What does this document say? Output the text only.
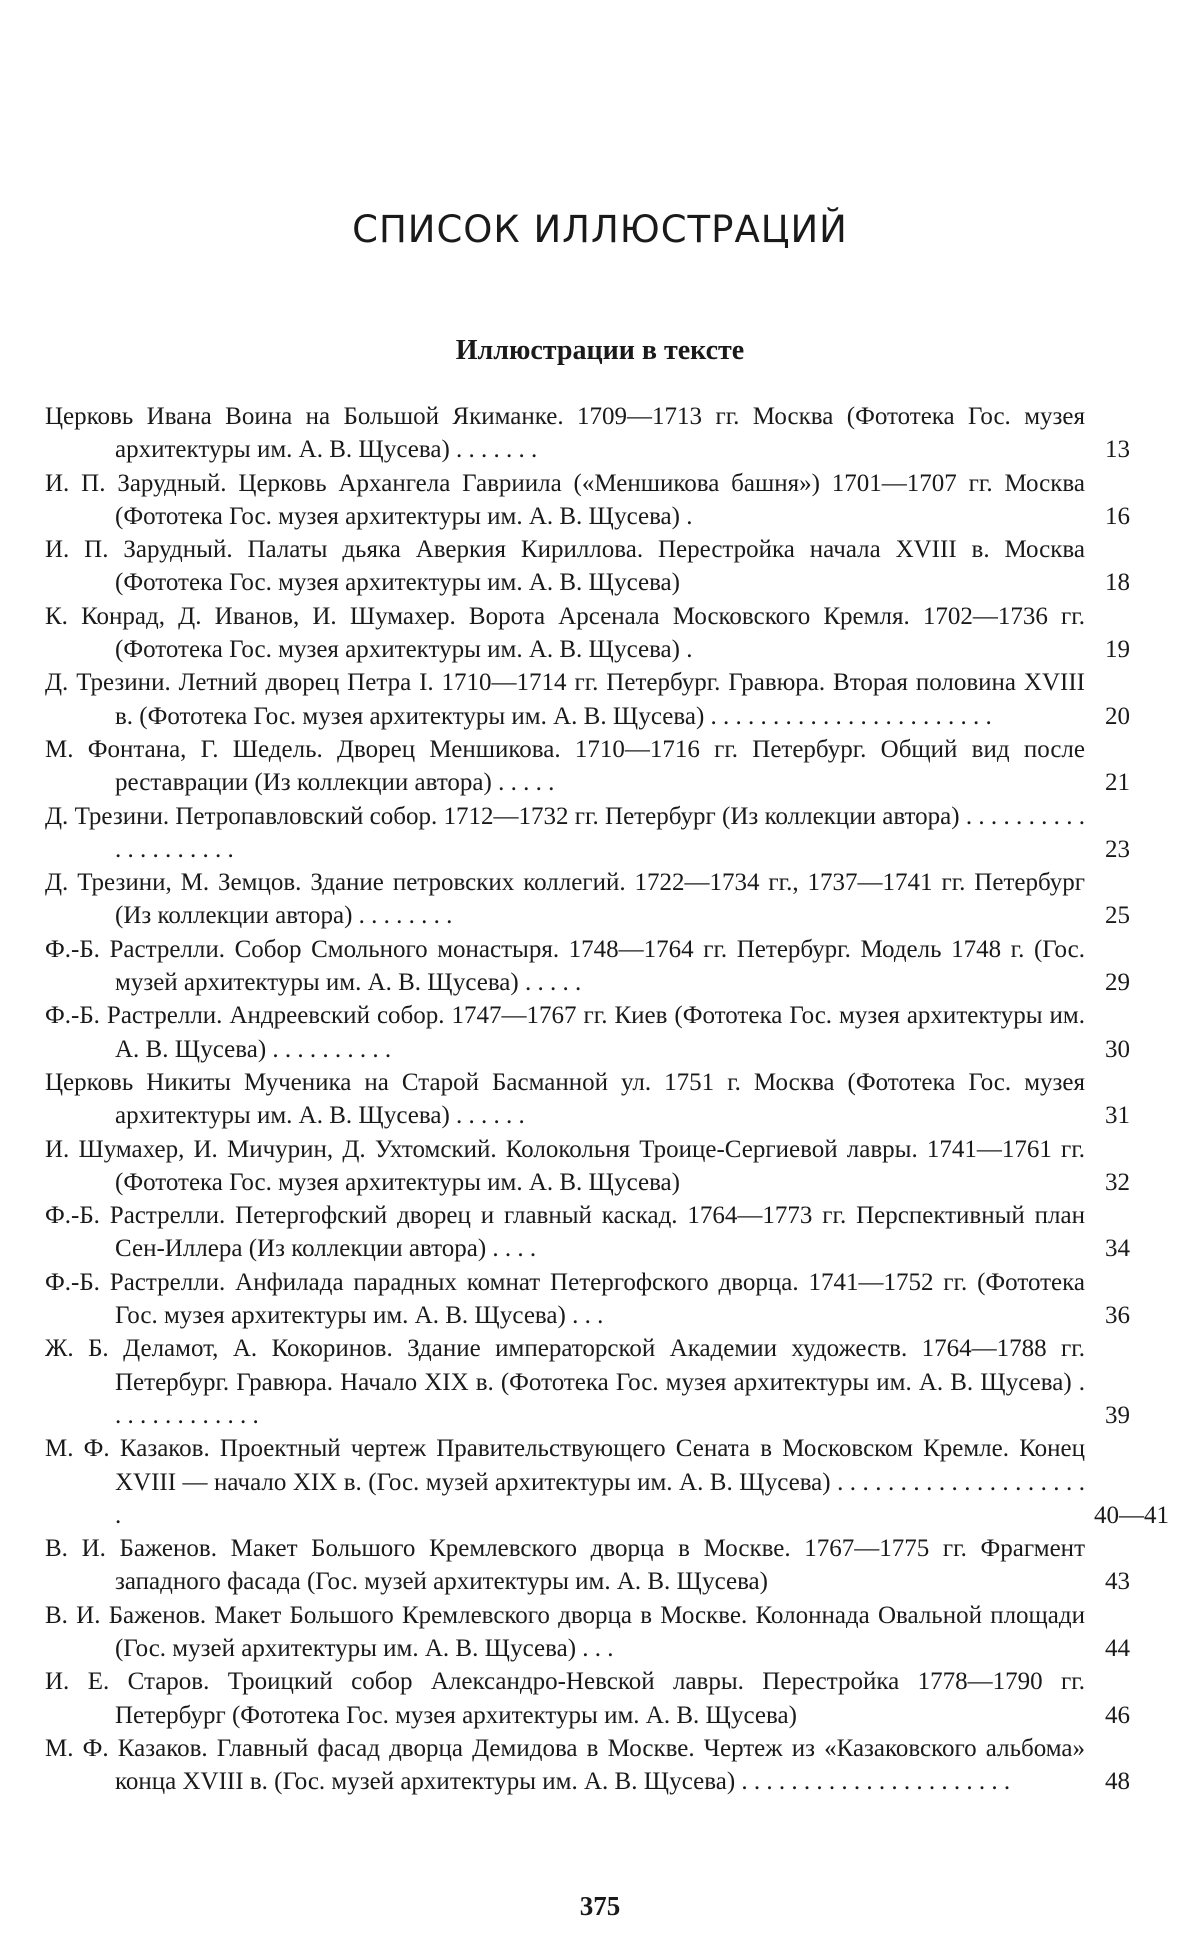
СПИСОК ИЛЛЮСТРАЦИЙ
Иллюстрации в тексте
Церковь Ивана Воина на Большой Якиманке. 1709—1713 гг. Москва (Фототека Гос. музея архитектуры им. А. В. Щусева) . . . . . . .	13
И. П. Зарудный. Церковь Архангела Гавриила («Меншикова башня») 1701—1707 гг. Москва (Фототека Гос. музея архитектуры им. А. В. Щусева) .	16
И. П. Зарудный. Палаты дьяка Аверкия Кириллова. Перестройка начала XVIII в. Москва (Фототека Гос. музея архитектуры им. А. В. Щусева)	18
К. Конрад, Д. Иванов, И. Шумахер. Ворота Арсенала Московского Кремля. 1702—1736 гг. (Фототека Гос. музея архитектуры им. А. В. Щусева) .	19
Д. Трезини. Летний дворец Петра I. 1710—1714 гг. Петербург. Гравюра. Вторая половина XVIII в. (Фототека Гос. музея архитектуры им. А. В. Щусева) . . . . . . . . . . . . . . . . . . . . . . .	20
М. Фонтана, Г. Шедель. Дворец Меншикова. 1710—1716 гг. Петербург. Общий вид после реставрации (Из коллекции автора) . . . . .	21
Д. Трезини. Петропавловский собор. 1712—1732 гг. Петербург (Из коллекции автора) . . . . . . . . . . . . . . . . . . . .	23
Д. Трезини, М. Земцов. Здание петровских коллегий. 1722—1734 гг., 1737—1741 гг. Петербург (Из коллекции автора) . . . . . . . .	25
Ф.-Б. Растрелли. Собор Смольного монастыря. 1748—1764 гг. Петербург. Модель 1748 г. (Гос. музей архитектуры им. А. В. Щусева) . . . . .	29
Ф.-Б. Растрелли. Андреевский собор. 1747—1767 гг. Киев (Фототека Гос. музея архитектуры им. А. В. Щусева) . . . . . . . . . .	30
Церковь Никиты Мученика на Старой Басманной ул. 1751 г. Москва (Фототека Гос. музея архитектуры им. А. В. Щусева) . . . . . .	31
И. Шумахер, И. Мичурин, Д. Ухтомский. Колокольня Троице-Сергиевой лавры. 1741—1761 гг. (Фототека Гос. музея архитектуры им. А. В. Щусева)	32
Ф.-Б. Растрелли. Петергофский дворец и главный каскад. 1764—1773 гг. Перспективный план Сен-Иллера (Из коллекции автора) . . . .	34
Ф.-Б. Растрелли. Анфилада парадных комнат Петергофского дворца. 1741—1752 гг. (Фототека Гос. музея архитектуры им. А. В. Щусева) . . .	36
Ж. Б. Деламот, А. Кокоринов. Здание императорской Академии художеств. 1764—1788 гг. Петербург. Гравюра. Начало XIX в. (Фототека Гос. музея архитектуры им. А. В. Щусева) . . . . . . . . . . . . .	39
М. Ф. Казаков. Проектный чертеж Правительствующего Сената в Московском Кремле. Конец XVIII — начало XIX в. (Гос. музей архитектуры им. А. В. Щусева) . . . . . . . . . . . . . . . . . . . . .	40—41
В. И. Баженов. Макет Большого Кремлевского дворца в Москве. 1767—1775 гг. Фрагмент западного фасада (Гос. музей архитектуры им. А. В. Щусева)	43
В. И. Баженов. Макет Большого Кремлевского дворца в Москве. Колоннада Овальной площади (Гос. музей архитектуры им. А. В. Щусева) . . .	44
И. Е. Старов. Троицкий собор Александро-Невской лавры. Перестройка 1778—1790 гг. Петербург (Фототека Гос. музея архитектуры им. А. В. Щусева)	46
М. Ф. Казаков. Главный фасад дворца Демидова в Москве. Чертеж из «Казаковского альбома» конца XVIII в. (Гос. музей архитектуры им. А. В. Щусева) . . . . . . . . . . . . . . . . . . . . . .	48
375
